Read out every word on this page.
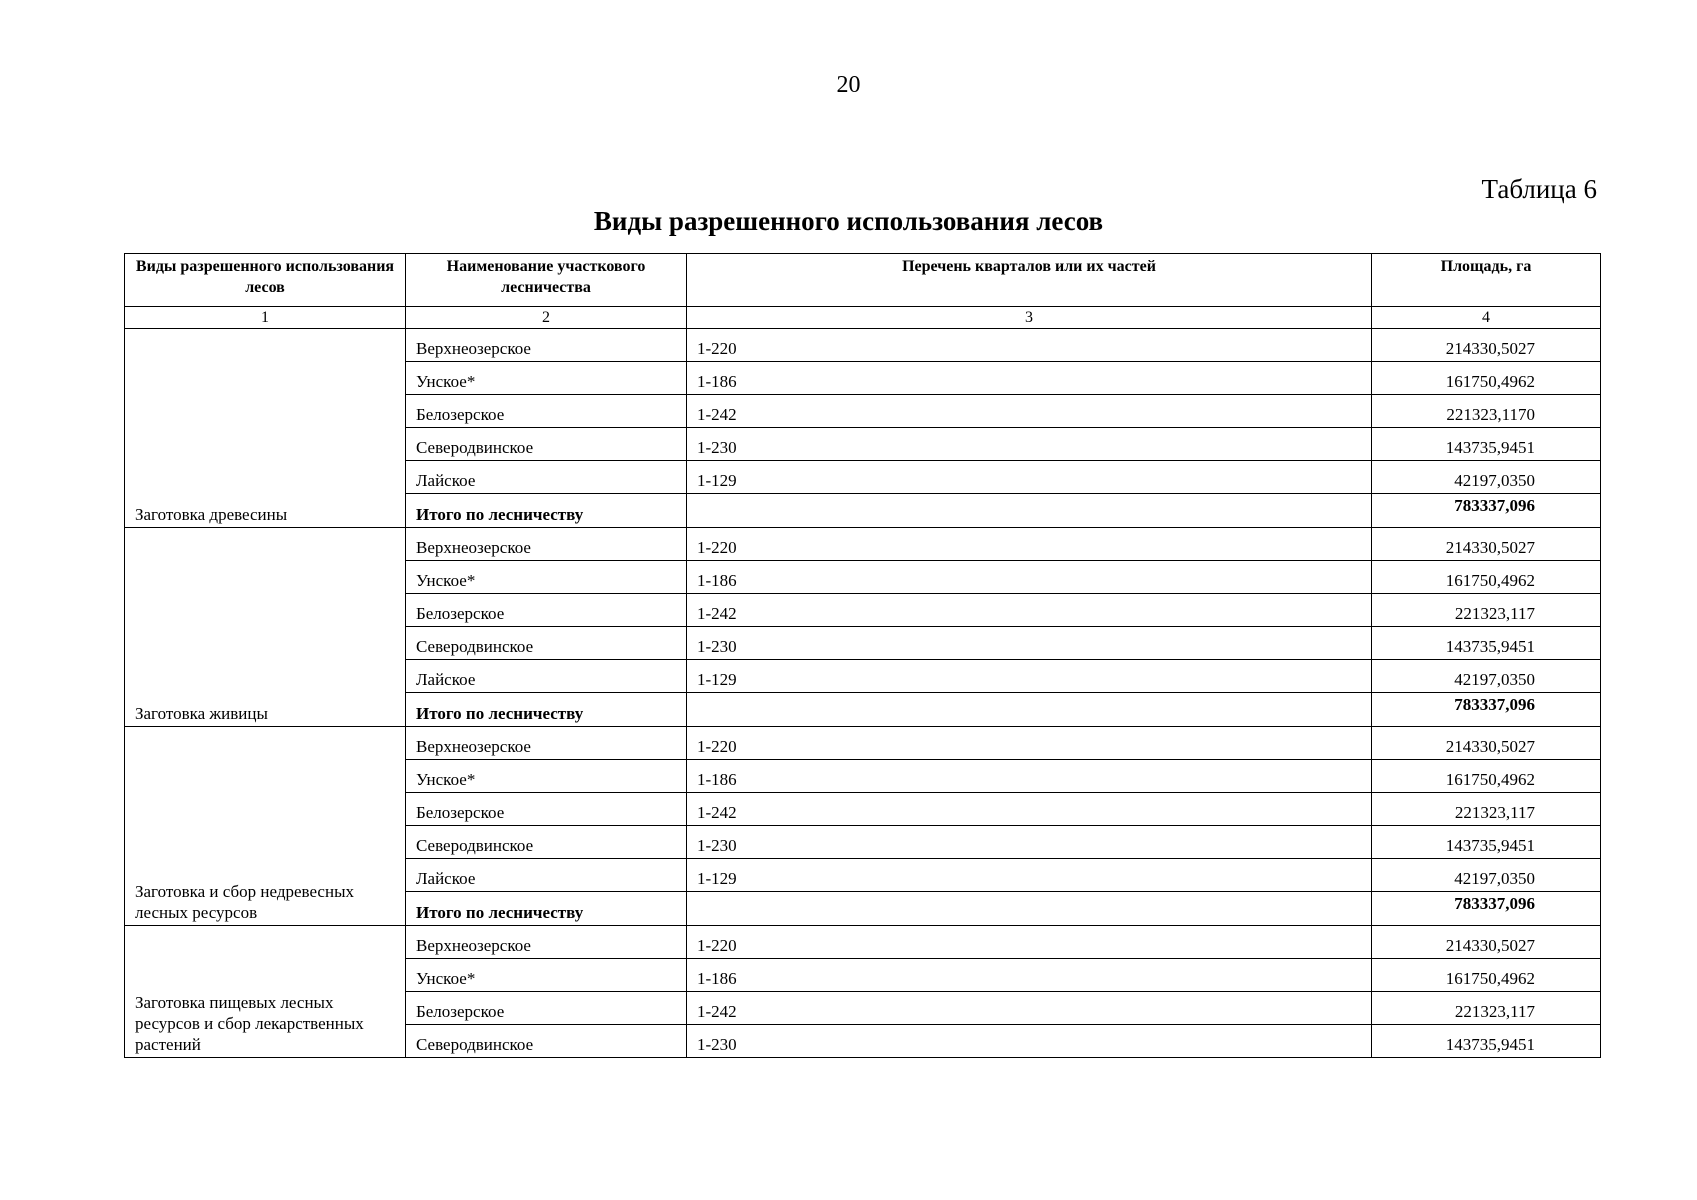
20
Таблица 6
Виды разрешенного использования лесов
Виды разрешенного использования лесов	Наименование участкового лесничества	Перечень кварталов или их частей	Площадь, га
1	2	3	4
Заготовка древесины	Верхнеозерское	1-220	214330,5027
	Унское*	1-186	161750,4962
	Белозерское	1-242	221323,1170
	Северодвинское	1-230	143735,9451
	Лайское	1-129	42197,0350
	Итого по лесничеству		783337,096
Заготовка живицы	Верхнеозерское	1-220	214330,5027
	Унское*	1-186	161750,4962
	Белозерское	1-242	221323,117
	Северодвинское	1-230	143735,9451
	Лайское	1-129	42197,0350
	Итого по лесничеству		783337,096
Заготовка и сбор недревесных лесных ресурсов	Верхнеозерское	1-220	214330,5027
	Унское*	1-186	161750,4962
	Белозерское	1-242	221323,117
	Северодвинское	1-230	143735,9451
	Лайское	1-129	42197,0350
	Итого по лесничеству		783337,096
Заготовка пищевых лесных ресурсов и сбор лекарственных растений	Верхнеозерское	1-220	214330,5027
	Унское*	1-186	161750,4962
	Белозерское	1-242	221323,117
	Северодвинское	1-230	143735,9451
